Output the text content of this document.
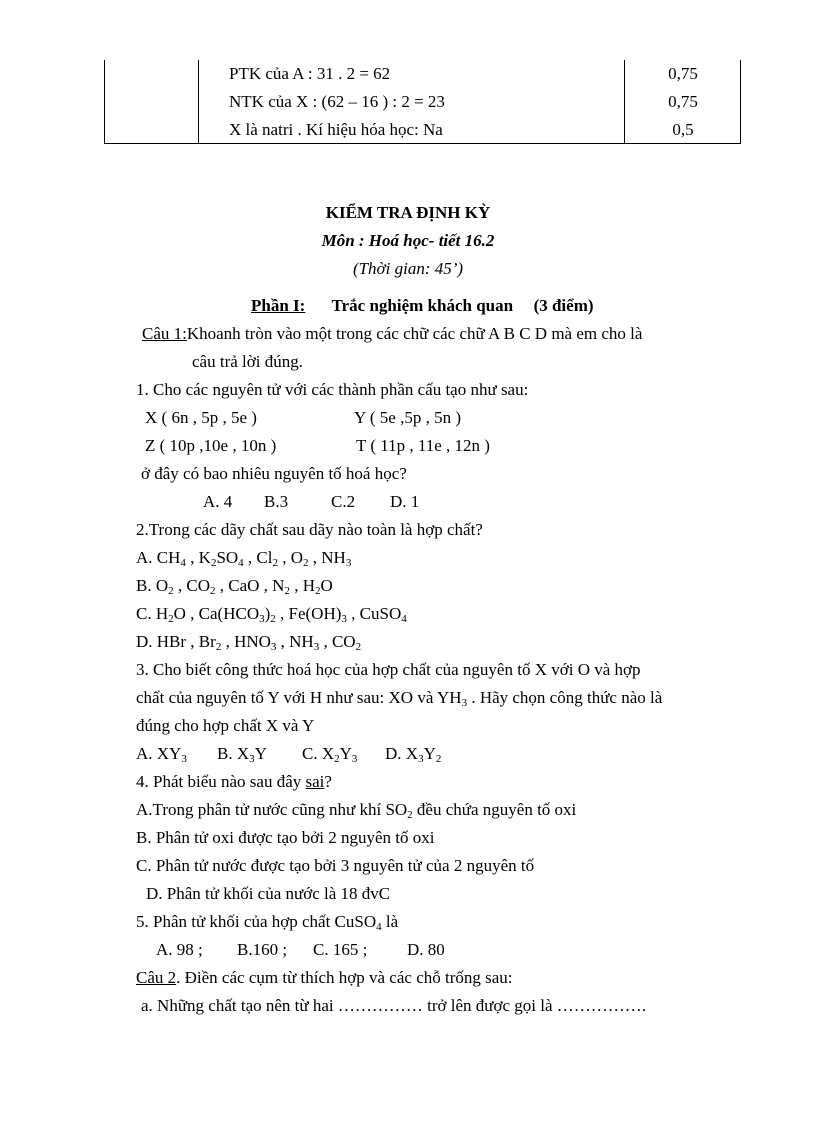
PTK của A : 31 . 2 = 62	0,75
NTK của X : (62 – 16 ) : 2 = 23	0,75
X là natri . Kí hiệu hóa học: Na	0,5
KIỂM TRA ĐỊNH KỲ
Môn : Hoá học- tiết 16.2
(Thời gian: 45’)
Phần I: Trắc nghiệm khách quan (3 điểm)
Câu 1:Khoanh tròn vào một trong các chữ các chữ A B C D mà em cho là
câu trả lời đúng.
1. Cho các nguyên tử với các thành phần cấu tạo như sau:
X ( 6n , 5p , 5e )	Y ( 5e ,5p , 5n )
Z ( 10p ,10e , 10n )	T ( 11p , 11e , 12n )
ở đây có bao nhiêu nguyên tố hoá học?
A. 4 B.3	C.2 D. 1
2.Trong các dãy chất sau dãy nào toàn là hợp chất?
A. $CH_4$ , $K_2SO_4$ , $Cl_2$ , $O_2$ , $NH_3$
B. $O_2$ , $CO_2$ , CaO , $N_2$ , $H_2O$
C. $H_2O$ , $Ca(HCO_3)_2$ , $Fe(OH)_3$ , CuSO$_4$
D. HBr , $Br_2$ , $HNO_3$ , $NH_3$ , $CO_2$
3. Cho biết công thức hoá học của hợp chất của nguyên tố X với O và hợp
chất của nguyên tố Y với H như sau: XO và $YH_3$ . Hãy chọn công thức nào là
đúng cho hợp chất X và Y
A. $XY_3$ B. $X_3Y$ C. $X_2Y_3$ D. $X_3Y_2$
4. Phát biểu nào sau đây sai?
A.Trong phân tử nước cũng như khí $SO_2$ đều chứa nguyên tố oxi
B. Phân tử oxi được tạo bởi 2 nguyên tố oxi
C. Phân tử nước được tạo bởi 3 nguyên tử của 2 nguyên tố
D. Phân tử khối của nước là 18 đvC
5. Phân tử khối của hợp chất CuSO$_4$ là
A. 98 ; B.160 ; C. 165 ; D. 80
Câu 2. Điền các cụm từ thích hợp và các chỗ trống sau:
a. Những chất tạo nên từ hai …………… trở lên được gọi là …………….
